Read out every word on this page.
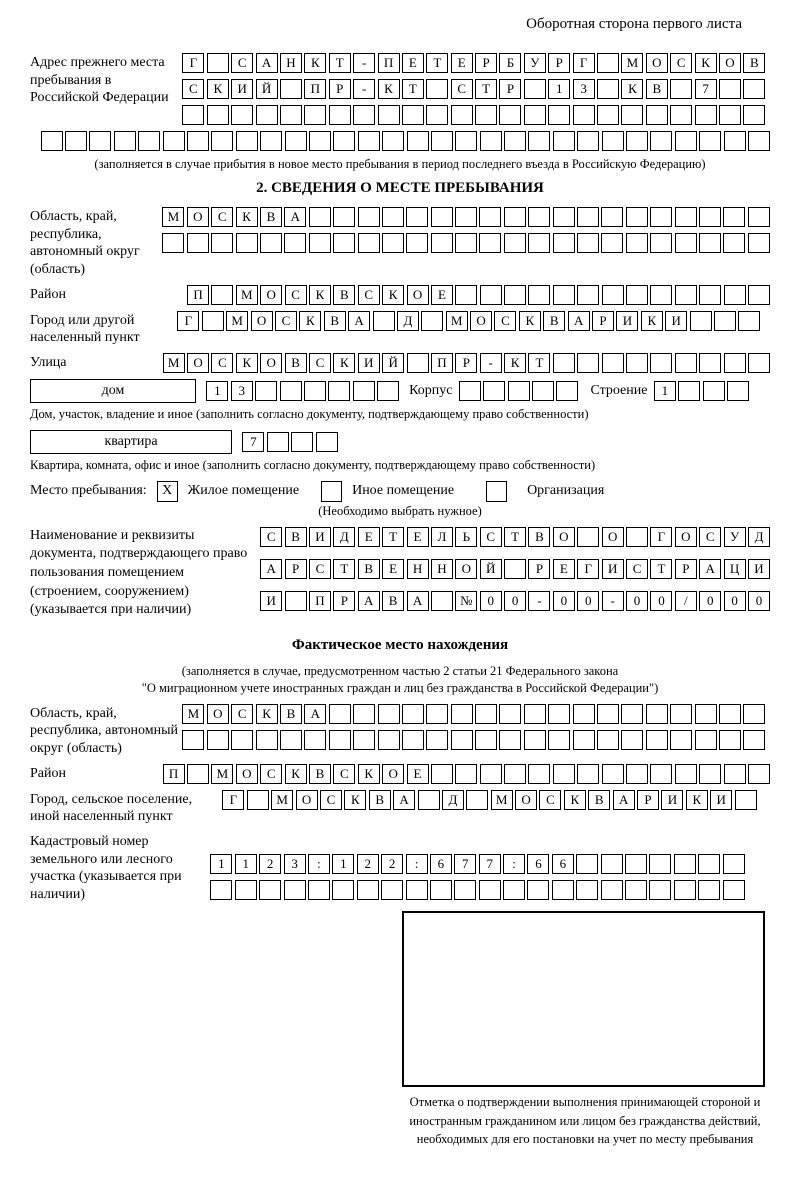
Оборотная сторона первого листа
Адрес прежнего места пребывания в Российской Федерации
Г	С	А	Н	К	Т	-	П	Е	Т	Е	Р	Б	У	Р	Г	М	О	С	К	О	В
С	К	И	Й	П	Р	-	К	Т	С	Т	Р	1	3	К	В	7
(заполняется в случае прибытия в новое место пребывания в период последнего въезда в Российскую Федерацию)
2. СВЕДЕНИЯ О МЕСТЕ ПРЕБЫВАНИЯ
Область, край, республика, автономный округ (область)
М	О	С	К	В	А
Район	П	М	О	С	К	В	С	К	О	Е
Город или другой населенный пункт
Г	М	О	С	К	В	А	Д	М	О	С	К	В	А	Р	И	К	И
Улица	М	О	С	К	О	В	С	К	И	Й	П	Р	-	К	Т
дом	1	3	Корпус	Строение	1
Дом, участок, владение и иное (заполнить согласно документу, подтверждающему право собственности)
квартира	7
Квартира, комната, офис и иное (заполнить согласно документу, подтверждающему право собственности)
Место пребывания:	X	Жилое помещение	Иное помещение	Организация
(Необходимо выбрать нужное)
Наименование и реквизиты документа, подтверждающего право пользования помещением (строением, сооружением) (указывается при наличии)
С	В	И	Д	Е	Т	Е	Л	Ь	С	Т	В	О	О	Г	О	С	У	Д
А	Р	С	Т	В	Е	Н	Н	О	Й	Р	Е	Г	И	С	Т	Р	А	Ц	И
И	П	Р	А	В	А	№	0	0	-	0	0	-	0	0	/	0	0	0
Фактическое место нахождения
(заполняется в случае, предусмотренном частью 2 статьи 21 Федерального закона
"О миграционном учете иностранных граждан и лиц без гражданства в Российской Федерации")
Область, край, республика, автономный округ (область)
М	О	С	К	В	А
Район	П	М	О	С	К	В	С	К	О	Е
Город, сельское поселение, иной населенный пункт
Г	М	О	С	К	В	А	Д	М	О	С	К	В	А	Р	И	К	И
Кадастровый номер земельного или лесного участка (указывается при наличии)
1	1	2	3	:	1	2	2	:	6	7	7	:	6	6
Отметка о подтверждении выполнения принимающей стороной и иностранным гражданином или лицом без гражданства действий, необходимых для его постановки на учет по месту пребывания
